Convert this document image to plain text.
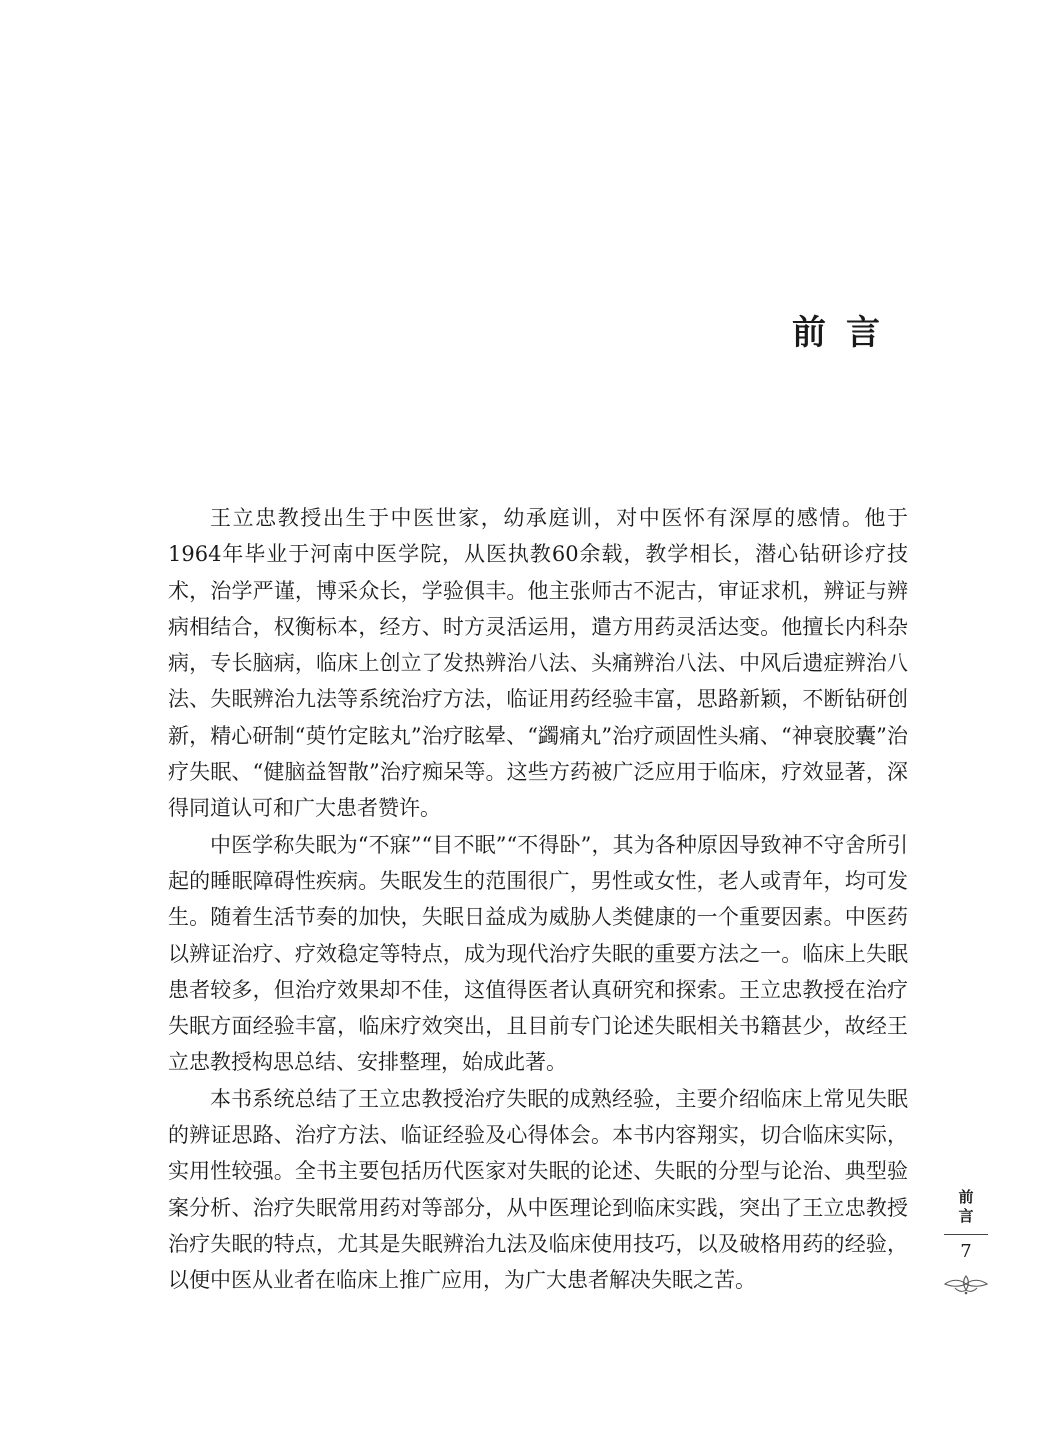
前言

王立忠教授出生于中医世家，幼承庭训，对中医怀有深厚的感情。他于1964年毕业于河南中医学院，从医执教60余载，教学相长，潜心钻研诊疗技术，治学严谨，博采众长，学验俱丰。他主张师古不泥古，审证求机，辨证与辨病相结合，权衡标本，经方、时方灵活运用，遣方用药灵活达变。他擅长内科杂病，专长脑病，临床上创立了发热辨治八法、头痛辨治八法、中风后遗症辨治八法、失眠辨治九法等系统治疗方法，临证用药经验丰富，思路新颖，不断钻研创新，精心研制“萸竹定眩丸”治疗眩晕、“蠲痛丸”治疗顽固性头痛、“神衰胶囊”治疗失眠、“健脑益智散”治疗痴呆等。这些方药被广泛应用于临床，疗效显著，深得同道认可和广大患者赞许。

中医学称失眠为“不寐”“目不眠”“不得卧”，其为各种原因导致神不守舍所引起的睡眠障碍性疾病。失眠发生的范围很广，男性或女性，老人或青年，均可发生。随着生活节奏的加快，失眠日益成为威胁人类健康的一个重要因素。中医药以辨证治疗、疗效稳定等特点，成为现代治疗失眠的重要方法之一。临床上失眠患者较多，但治疗效果却不佳，这值得医者认真研究和探索。王立忠教授在治疗失眠方面经验丰富，临床疗效突出，且目前专门论述失眠相关书籍甚少，故经王立忠教授构思总结、安排整理，始成此著。

本书系统总结了王立忠教授治疗失眠的成熟经验，主要介绍临床上常见失眠的辨证思路、治疗方法、临证经验及心得体会。本书内容翔实，切合临床实际，实用性较强。全书主要包括历代医家对失眠的论述、失眠的分型与论治、典型验案分析、治疗失眠常用药对等部分，从中医理论到临床实践，突出了王立忠教授治疗失眠的特点，尤其是失眠辨治九法及临床使用技巧，以及破格用药的经验，以便中医从业者在临床上推广应用，为广大患者解决失眠之苦。

前言
7
